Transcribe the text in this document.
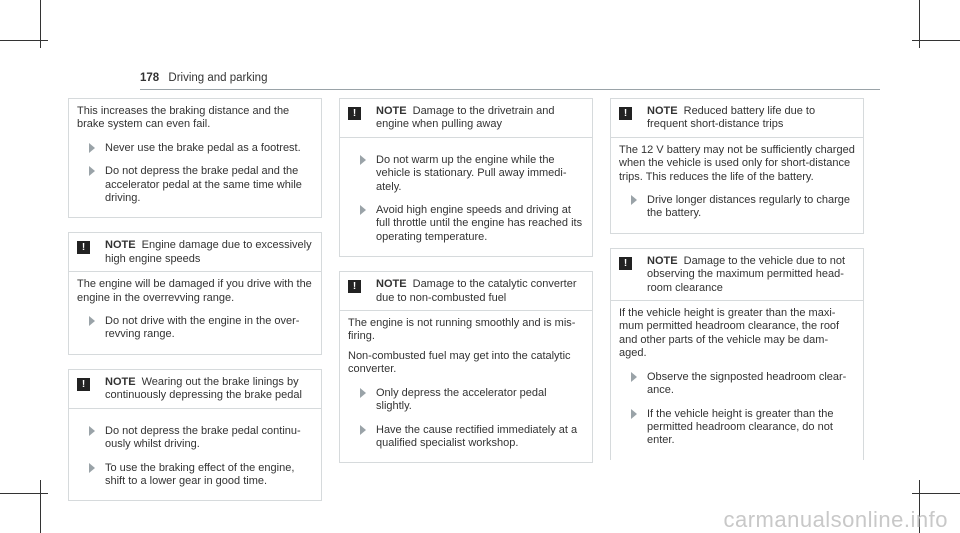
178 Driving and parking

This increases the braking distance and the brake system can even fail.

Never use the brake pedal as a footrest.
Do not depress the brake pedal and the accelerator pedal at the same time while driving.
!	NOTE Engine damage due to excessively high engine speeds

The engine will be damaged if you drive with the engine in the overrevving range.

Do not drive with the engine in the over-revving range.
!	NOTE Wearing out the brake linings by continuously depressing the brake pedal
Do not depress the brake pedal continu-ously whilst driving.
To use the braking effect of the engine, shift to a lower gear in good time.
!	NOTE Damage to the drivetrain and engine when pulling away
Do not warm up the engine while the vehicle is stationary. Pull away immedi-ately.
Avoid high engine speeds and driving at full throttle until the engine has reached its operating temperature.
!	NOTE Damage to the catalytic converter due to non-combusted fuel

The engine is not running smoothly and is mis-firing.

Non-combusted fuel may get into the catalytic converter.

Only depress the accelerator pedal slightly.
Have the cause rectified immediately at a qualified specialist workshop.
!	NOTE Reduced battery life due to frequent short-distance trips

The 12 V battery may not be sufficiently charged when the vehicle is used only for short-distance trips. This reduces the life of the battery.

Drive longer distances regularly to charge the battery.
!	NOTE Damage to the vehicle due to not observing the maximum permitted head-room clearance

If the vehicle height is greater than the maxi-mum permitted headroom clearance, the roof and other parts of the vehicle may be dam-aged.

Observe the signposted headroom clear-ance.
If the vehicle height is greater than the permitted headroom clearance, do not enter.
carmanualsonline.info
